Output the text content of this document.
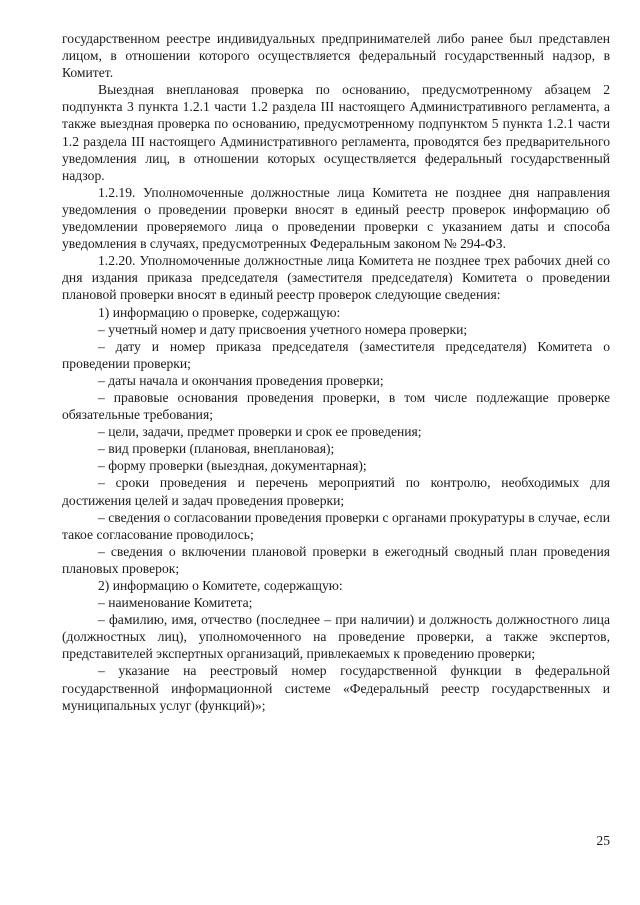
государственном реестре индивидуальных предпринимателей либо ранее был представлен лицом, в отношении которого осуществляется федеральный государственный надзор, в Комитет.

Выездная внеплановая проверка по основанию, предусмотренному абзацем 2 подпункта 3 пункта 1.2.1 части 1.2 раздела III настоящего Административного регламента, а также выездная проверка по основанию, предусмотренному подпунктом 5 пункта 1.2.1 части 1.2 раздела III настоящего Административного регламента, проводятся без предварительного уведомления лиц, в отношении которых осуществляется федеральный государственный надзор.

1.2.19. Уполномоченные должностные лица Комитета не позднее дня направления уведомления о проведении проверки вносят в единый реестр проверок информацию об уведомлении проверяемого лица о проведении проверки с указанием даты и способа уведомления в случаях, предусмотренных Федеральным законом № 294-ФЗ.

1.2.20. Уполномоченные должностные лица Комитета не позднее трех рабочих дней со дня издания приказа председателя (заместителя председателя) Комитета о проведении плановой проверки вносят в единый реестр проверок следующие сведения:

1) информацию о проверке, содержащую:

– учетный номер и дату присвоения учетного номера проверки;

– дату и номер приказа председателя (заместителя председателя) Комитета о проведении проверки;

– даты начала и окончания проведения проверки;

– правовые основания проведения проверки, в том числе подлежащие проверке обязательные требования;

– цели, задачи, предмет проверки и срок ее проведения;

– вид проверки (плановая, внеплановая);

– форму проверки (выездная, документарная);

– сроки проведения и перечень мероприятий по контролю, необходимых для достижения целей и задач проведения проверки;

– сведения о согласовании проведения проверки с органами прокуратуры в случае, если такое согласование проводилось;

– сведения о включении плановой проверки в ежегодный сводный план проведения плановых проверок;

2) информацию о Комитете, содержащую:

– наименование Комитета;

– фамилию, имя, отчество (последнее – при наличии) и должность должностного лица (должностных лиц), уполномоченного на проведение проверки, а также экспертов, представителей экспертных организаций, привлекаемых к проведению проверки;

– указание на реестровый номер государственной функции в федеральной государственной информационной системе «Федеральный реестр государственных и муниципальных услуг (функций)»;

25
